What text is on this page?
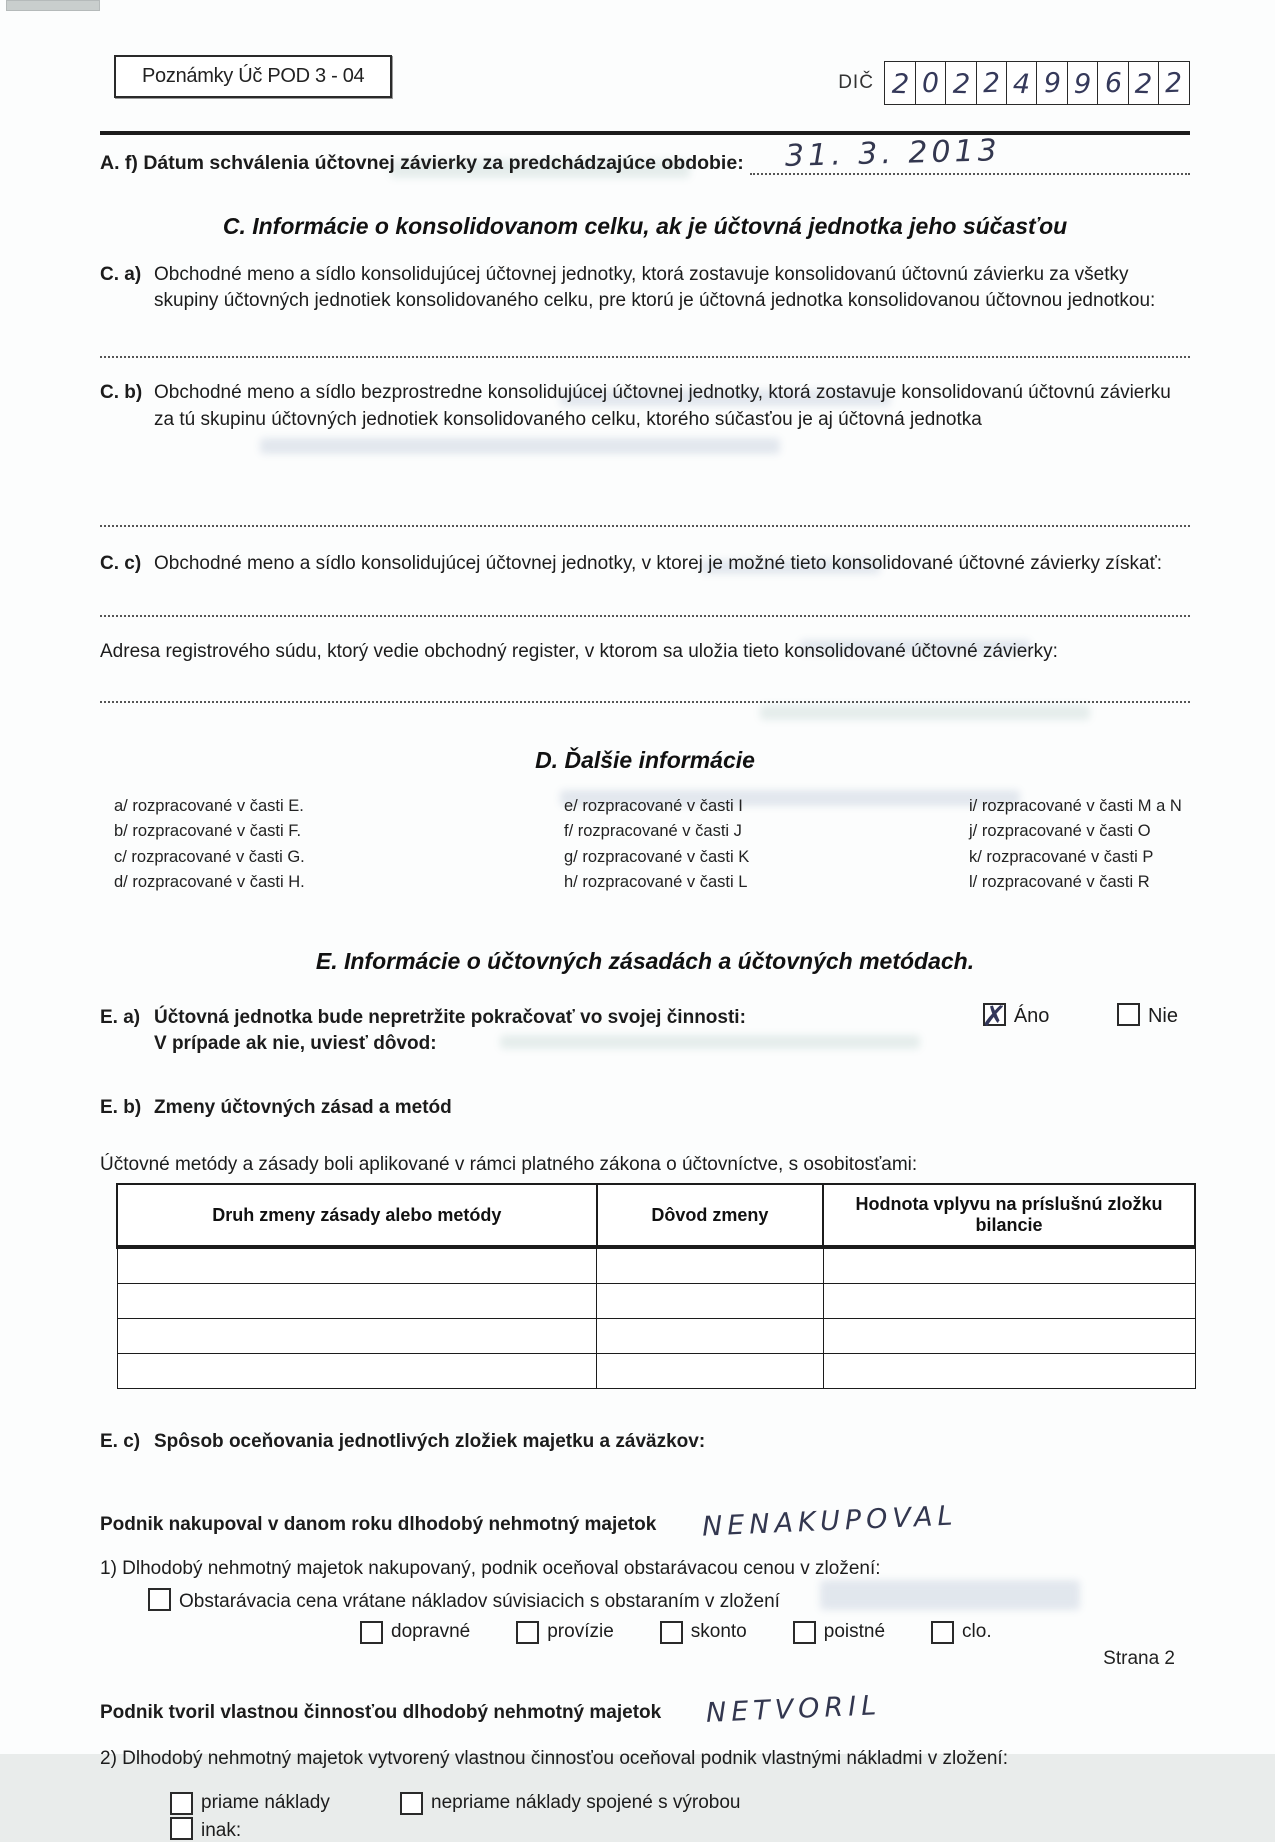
Poznámky Úč POD 3 - 04	DIČ 2 0 2 2 4 9 9 6 2 2
A. f)
Dátum schválenia účtovnej závierky za predchádzajúce obdobie: 31. 3. 2013

C. Informácie o konsolidovanom celku, ak je účtovná jednotka jeho súčasťou

C. a) Obchodné meno a sídlo konsolidujúcej účtovnej jednotky, ktorá zostavuje konsolidovanú účtovnú závierku za všetky skupiny účtovných jednotiek konsolidovaného celku, pre ktorú je účtovná jednotka konsolidovanou účtovnou jednotkou:
C. b) Obchodné meno a sídlo bezprostredne konsolidujúcej účtovnej jednotky, ktorá zostavuje konsolidovanú účtovnú závierku za tú skupinu účtovných jednotiek konsolidovaného celku, ktorého súčasťou je aj účtovná jednotka
C. c) Obchodné meno a sídlo konsolidujúcej účtovnej jednotky, v ktorej je možné tieto konsolidované účtovné závierky získať:

Adresa registrového súdu, ktorý vedie obchodný register, v ktorom sa uložia tieto konsolidované účtovné závierky:

D. Ďalšie informácie

a/ rozpracované v časti E.
b/ rozpracované v časti F.
c/ rozpracované v časti G.
d/ rozpracované v časti H.
e/ rozpracované v časti I
f/ rozpracované v časti J
g/ rozpracované v časti K
h/ rozpracované v časti L
i/ rozpracované v časti M a N
j/ rozpracované v časti O
k/ rozpracované v časti P
l/ rozpracované v časti R

E. Informácie o účtovných zásadách a účtovných metódach.

E. a) Účtovná jednotka bude nepretržite pokračovať vo svojej činnosti:	✗ Áno	Nie
V prípade ak nie, uviesť dôvod:
E. b) Zmeny účtovných zásad a metód

Účtovné metódy a zásady boli aplikované v rámci platného zákona o účtovníctve, s osobitosťami:

Druh zmeny zásady alebo metódy	Dôvod zmeny	Hodnota vplyvu na príslušnú zložku bilancie

E. c) Spôsob oceňovania jednotlivých zložiek majetku a záväzkov:

Podnik nakupoval v danom roku dlhodobý nehmotný majetok NENAKUPOVAL

1) Dlhodobý nehmotný majetok nakupovaný, podnik oceňoval obstarávacou cenou v zložení:

Obstarávacia cena vrátane nákladov súvisiacich s obstaraním v zložení

dopravné	provízie	skonto	poistné	clo.

Podnik tvoril vlastnou činnosťou dlhodobý nehmotný majetok NETVORIL

2) Dlhodobý nehmotný majetok vytvorený vlastnou činnosťou oceňoval podnik vlastnými nákladmi v zložení:

priame náklady	nepriame náklady spojené s výrobou

inak:

Strana 2
